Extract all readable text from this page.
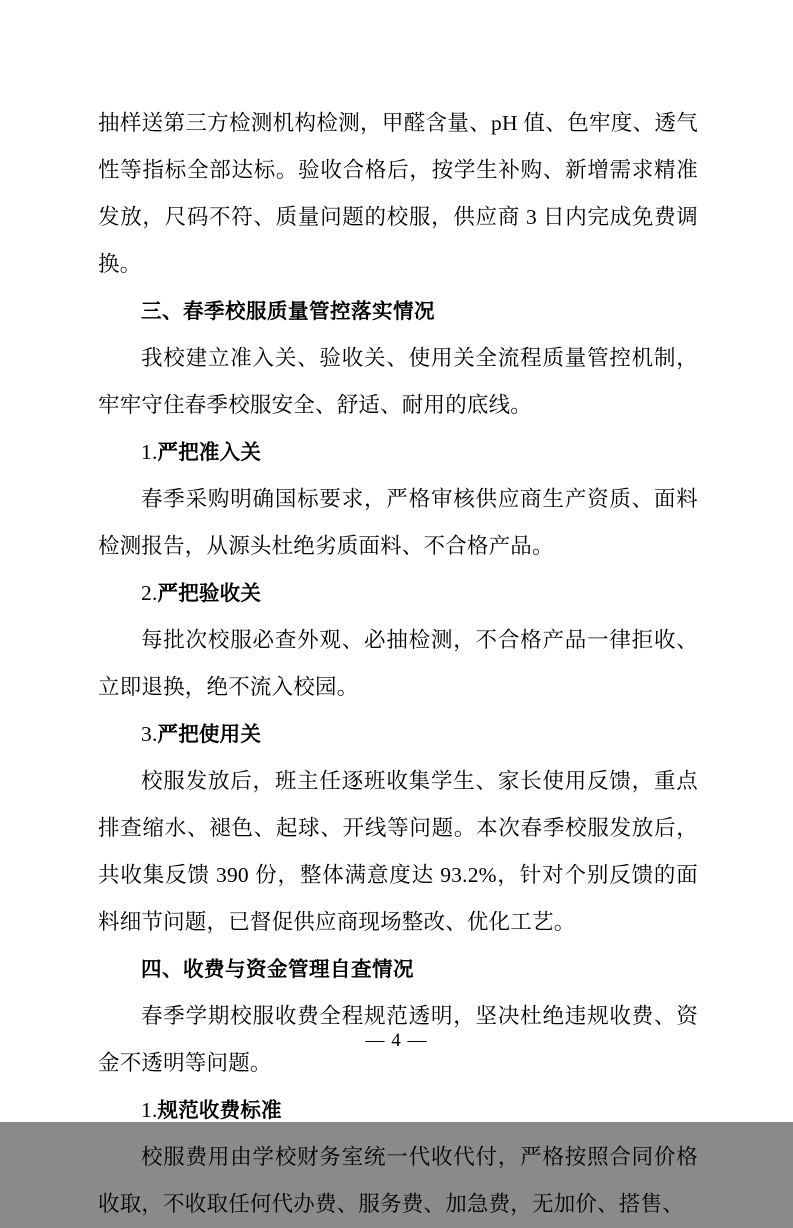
抽样送第三方检测机构检测，甲醛含量、pH 值、色牢度、透气性等指标全部达标。验收合格后，按学生补购、新增需求精准发放，尺码不符、质量问题的校服，供应商 3 日内完成免费调换。

三、春季校服质量管控落实情况

我校建立准入关、验收关、使用关全流程质量管控机制，牢牢守住春季校服安全、舒适、耐用的底线。

1.严把准入关

春季采购明确国标要求，严格审核供应商生产资质、面料检测报告，从源头杜绝劣质面料、不合格产品。

2.严把验收关

每批次校服必查外观、必抽检测，不合格产品一律拒收、立即退换，绝不流入校园。

3.严把使用关

校服发放后，班主任逐班收集学生、家长使用反馈，重点排查缩水、褪色、起球、开线等问题。本次春季校服发放后，共收集反馈 390 份，整体满意度达 93.2%，针对个别反馈的面料细节问题，已督促供应商现场整改、优化工艺。

四、收费与资金管理自查情况

春季学期校服收费全程规范透明，坚决杜绝违规收费、资金不透明等问题。

1.规范收费标准

校服费用由学校财务室统一代收代付，严格按照合同价格收取，不收取任何代办费、服务费、加急费，无加价、搭售、

— 4 —
